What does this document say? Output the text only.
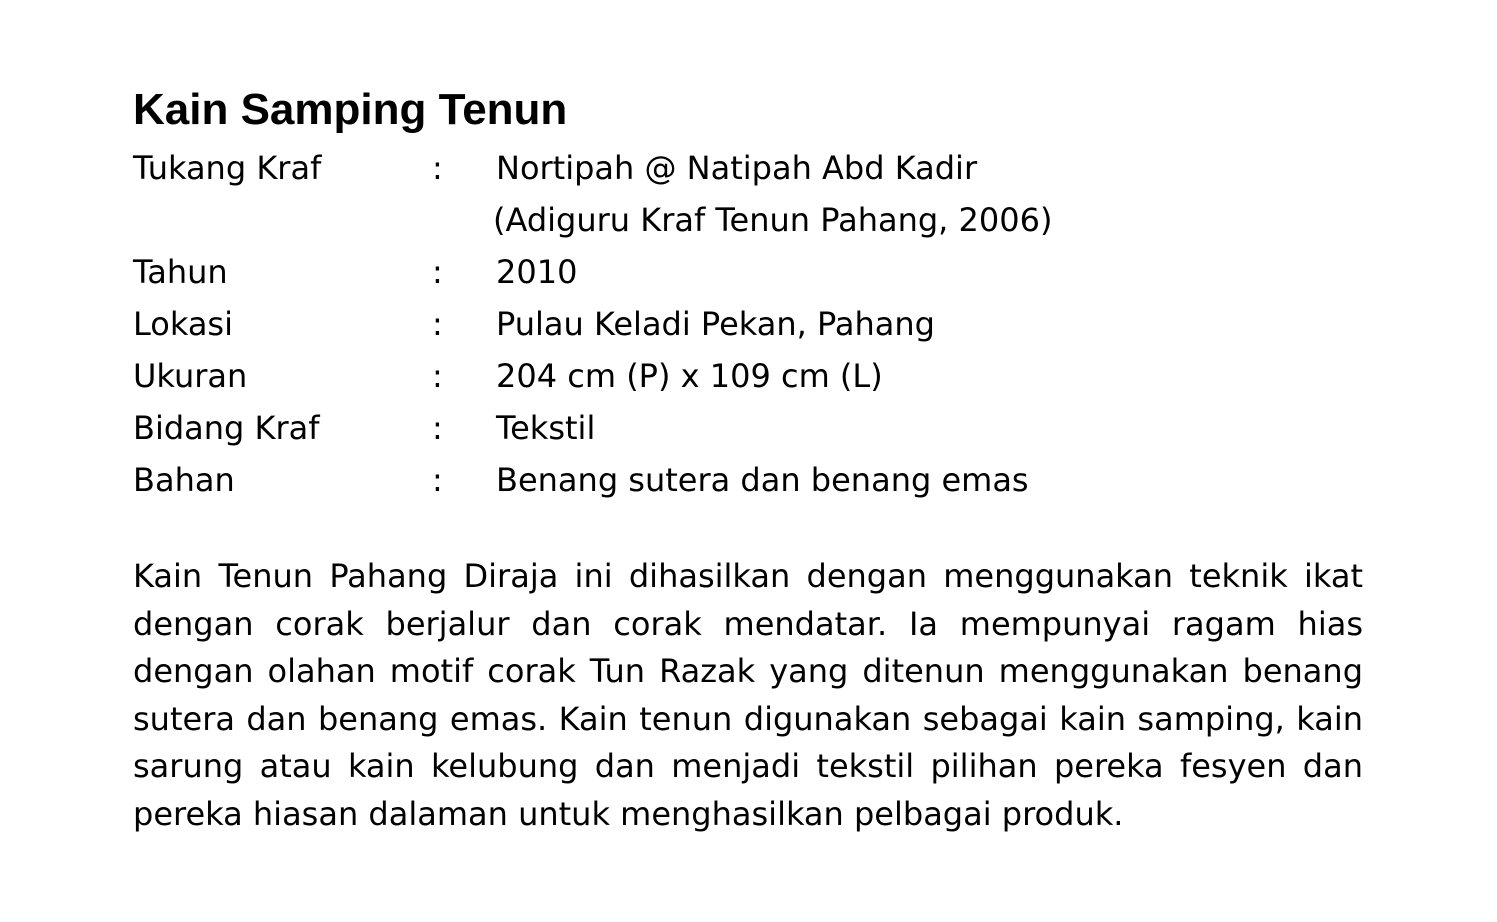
Kain Samping Tenun
Tukang Kraf	: Nortipah @ Natipah Abd Kadir
(Adiguru Kraf Tenun Pahang, 2006)
Tahun	: 2010
Lokasi	: Pulau Keladi Pekan, Pahang
Ukuran	: 204 cm (P) x 109 cm (L)
Bidang Kraf	: Tekstil
Bahan	: Benang sutera dan benang emas

Kain Tenun Pahang Diraja ini dihasilkan dengan menggunakan teknik ikat dengan corak berjalur dan corak mendatar. Ia mempunyai ragam hias dengan olahan motif corak Tun Razak yang ditenun menggunakan benang sutera dan benang emas. Kain tenun digunakan sebagai kain samping, kain sarung atau kain kelubung dan menjadi tekstil pilihan pereka fesyen dan pereka hiasan dalaman untuk menghasilkan pelbagai produk.
